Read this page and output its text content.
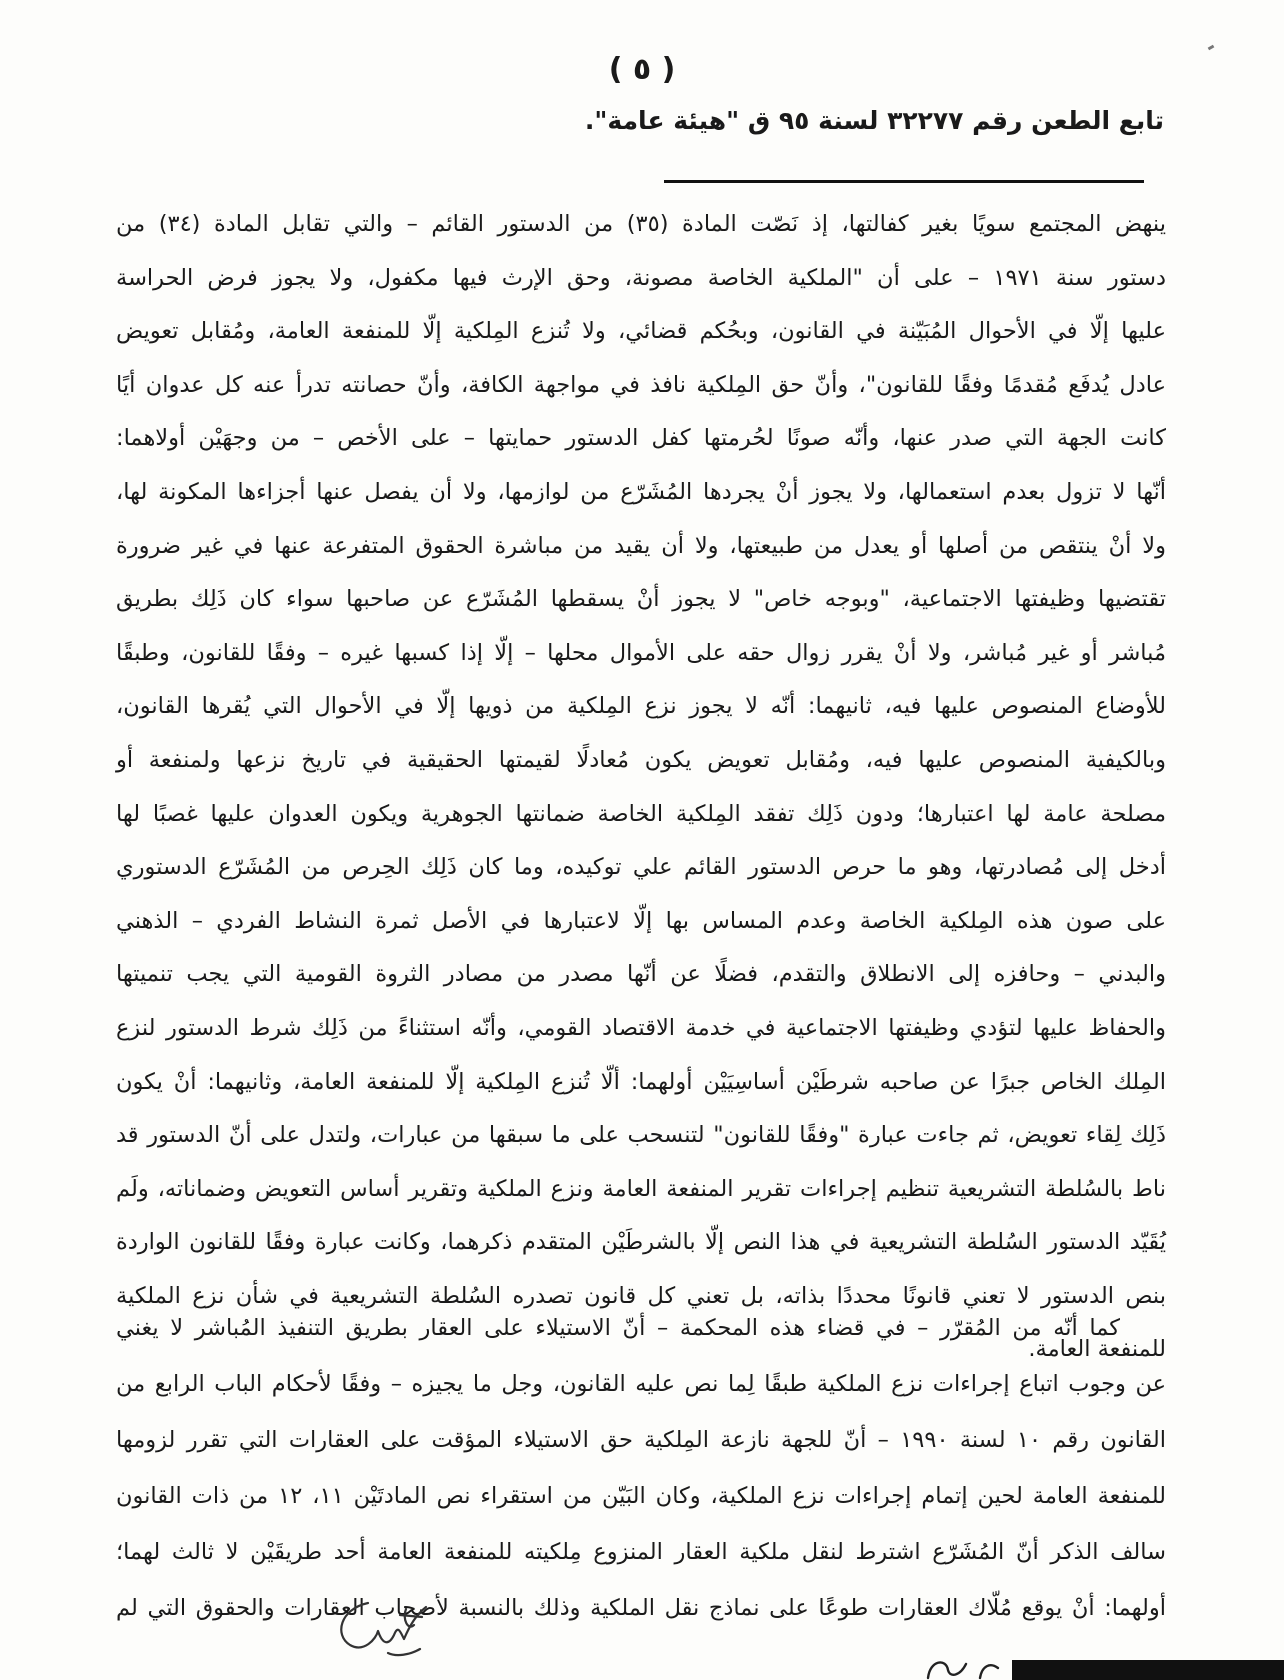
( ٥ )
تابع الطعن رقم ٣٢٢٧٧ لسنة ٩٥ ق "هيئة عامة".

ينهض المجتمع سويًا بغير كفالتها، إذ نَصّت المادة (٣٥) من الدستور القائم – والتي تقابل المادة (٣٤) من

دستور سنة ١٩٧١ – على أن "الملكية الخاصة مصونة، وحق الإرث فيها مكفول، ولا يجوز فرض الحراسة

عليها إلّا في الأحوال المُبَيّنة في القانون، وبحُكم قضائي، ولا تُنزع المِلكية إلّا للمنفعة العامة، ومُقابل تعويض

عادل يُدفَع مُقدمًا وفقًا للقانون"، وأنّ حق المِلكية نافذ في مواجهة الكافة، وأنّ حصانته تدرأ عنه كل عدوان أيًا

كانت الجهة التي صدر عنها، وأنّه صونًا لحُرمتها كفل الدستور حمايتها – على الأخص – من وجهَيْن أولاهما:

أنّها لا تزول بعدم استعمالها، ولا يجوز أنْ يجردها المُشَرّع من لوازمها، ولا أن يفصل عنها أجزاءها المكونة لها،

ولا أنْ ينتقص من أصلها أو يعدل من طبيعتها، ولا أن يقيد من مباشرة الحقوق المتفرعة عنها في غير ضرورة

تقتضيها وظيفتها الاجتماعية، "وبوجه خاص" لا يجوز أنْ يسقطها المُشَرّع عن صاحبها سواء كان ذَلِك بطريق

مُباشر أو غير مُباشر، ولا أنْ يقرر زوال حقه على الأموال محلها – إلّا إذا كسبها غيره – وفقًا للقانون، وطبقًا

للأوضاع المنصوص عليها فيه، ثانيهما: أنّه لا يجوز نزع المِلكية من ذويها إلّا في الأحوال التي يُقرها القانون،

وبالكيفية المنصوص عليها فيه، ومُقابل تعويض يكون مُعادلًا لقيمتها الحقيقية في تاريخ نزعها ولمنفعة أو

مصلحة عامة لها اعتبارها؛ ودون ذَلِك تفقد المِلكية الخاصة ضمانتها الجوهرية ويكون العدوان عليها غصبًا لها

أدخل إلى مُصادرتها، وهو ما حرص الدستور القائم علي توكيده، وما كان ذَلِك الحِرص من المُشَرّع الدستوري

على صون هذه المِلكية الخاصة وعدم المساس بها إلّا لاعتبارها في الأصل ثمرة النشاط الفردي – الذهني

والبدني – وحافزه إلى الانطلاق والتقدم، فضلًا عن أنّها مصدر من مصادر الثروة القومية التي يجب تنميتها

والحفاظ عليها لتؤدي وظيفتها الاجتماعية في خدمة الاقتصاد القومي، وأنّه استثناءً من ذَلِك شرط الدستور لنزع

المِلك الخاص جبرًا عن صاحبه شرطَيْن أساسِيَيْن أولهما: ألّا تُنزع المِلكية إلّا للمنفعة العامة، وثانيهما: أنْ يكون

ذَلِك لِقاء تعويض، ثم جاءت عبارة "وفقًا للقانون" لتنسحب على ما سبقها من عبارات، ولتدل على أنّ الدستور قد

ناط بالسُلطة التشريعية تنظيم إجراءات تقرير المنفعة العامة ونزع الملكية وتقرير أساس التعويض وضماناته، ولَم

يُقَيّد الدستور السُلطة التشريعية في هذا النص إلّا بالشرطَيْن المتقدم ذكرهما، وكانت عبارة وفقًا للقانون الواردة

بنص الدستور لا تعني قانونًا محددًا بذاته، بل تعني كل قانون تصدره السُلطة التشريعية في شأن نزع الملكية

للمنفعة العامة.

كما أنّه من المُقرّر – في قضاء هذه المحكمة – أنّ الاستيلاء على العقار بطريق التنفيذ المُباشر لا يغني

عن وجوب اتباع إجراءات نزع الملكية طبقًا لِما نص عليه القانون، وجل ما يجيزه – وفقًا لأحكام الباب الرابع من

القانون رقم ١٠ لسنة ١٩٩٠ – أنّ للجهة نازعة المِلكية حق الاستيلاء المؤقت على العقارات التي تقرر لزومها

للمنفعة العامة لحين إتمام إجراءات نزع الملكية، وكان البَيّن من استقراء نص المادتَيْن ١١، ١٢ من ذات القانون

سالف الذكر أنّ المُشَرّع اشترط لنقل ملكية العقار المنزوع مِلكيته للمنفعة العامة أحد طريقَيْن لا ثالث لهما؛

أولهما: أنْ يوقع مُلّاك العقارات طوعًا على نماذج نقل الملكية وذلك بالنسبة لأصحاب العقارات والحقوق التي لم
